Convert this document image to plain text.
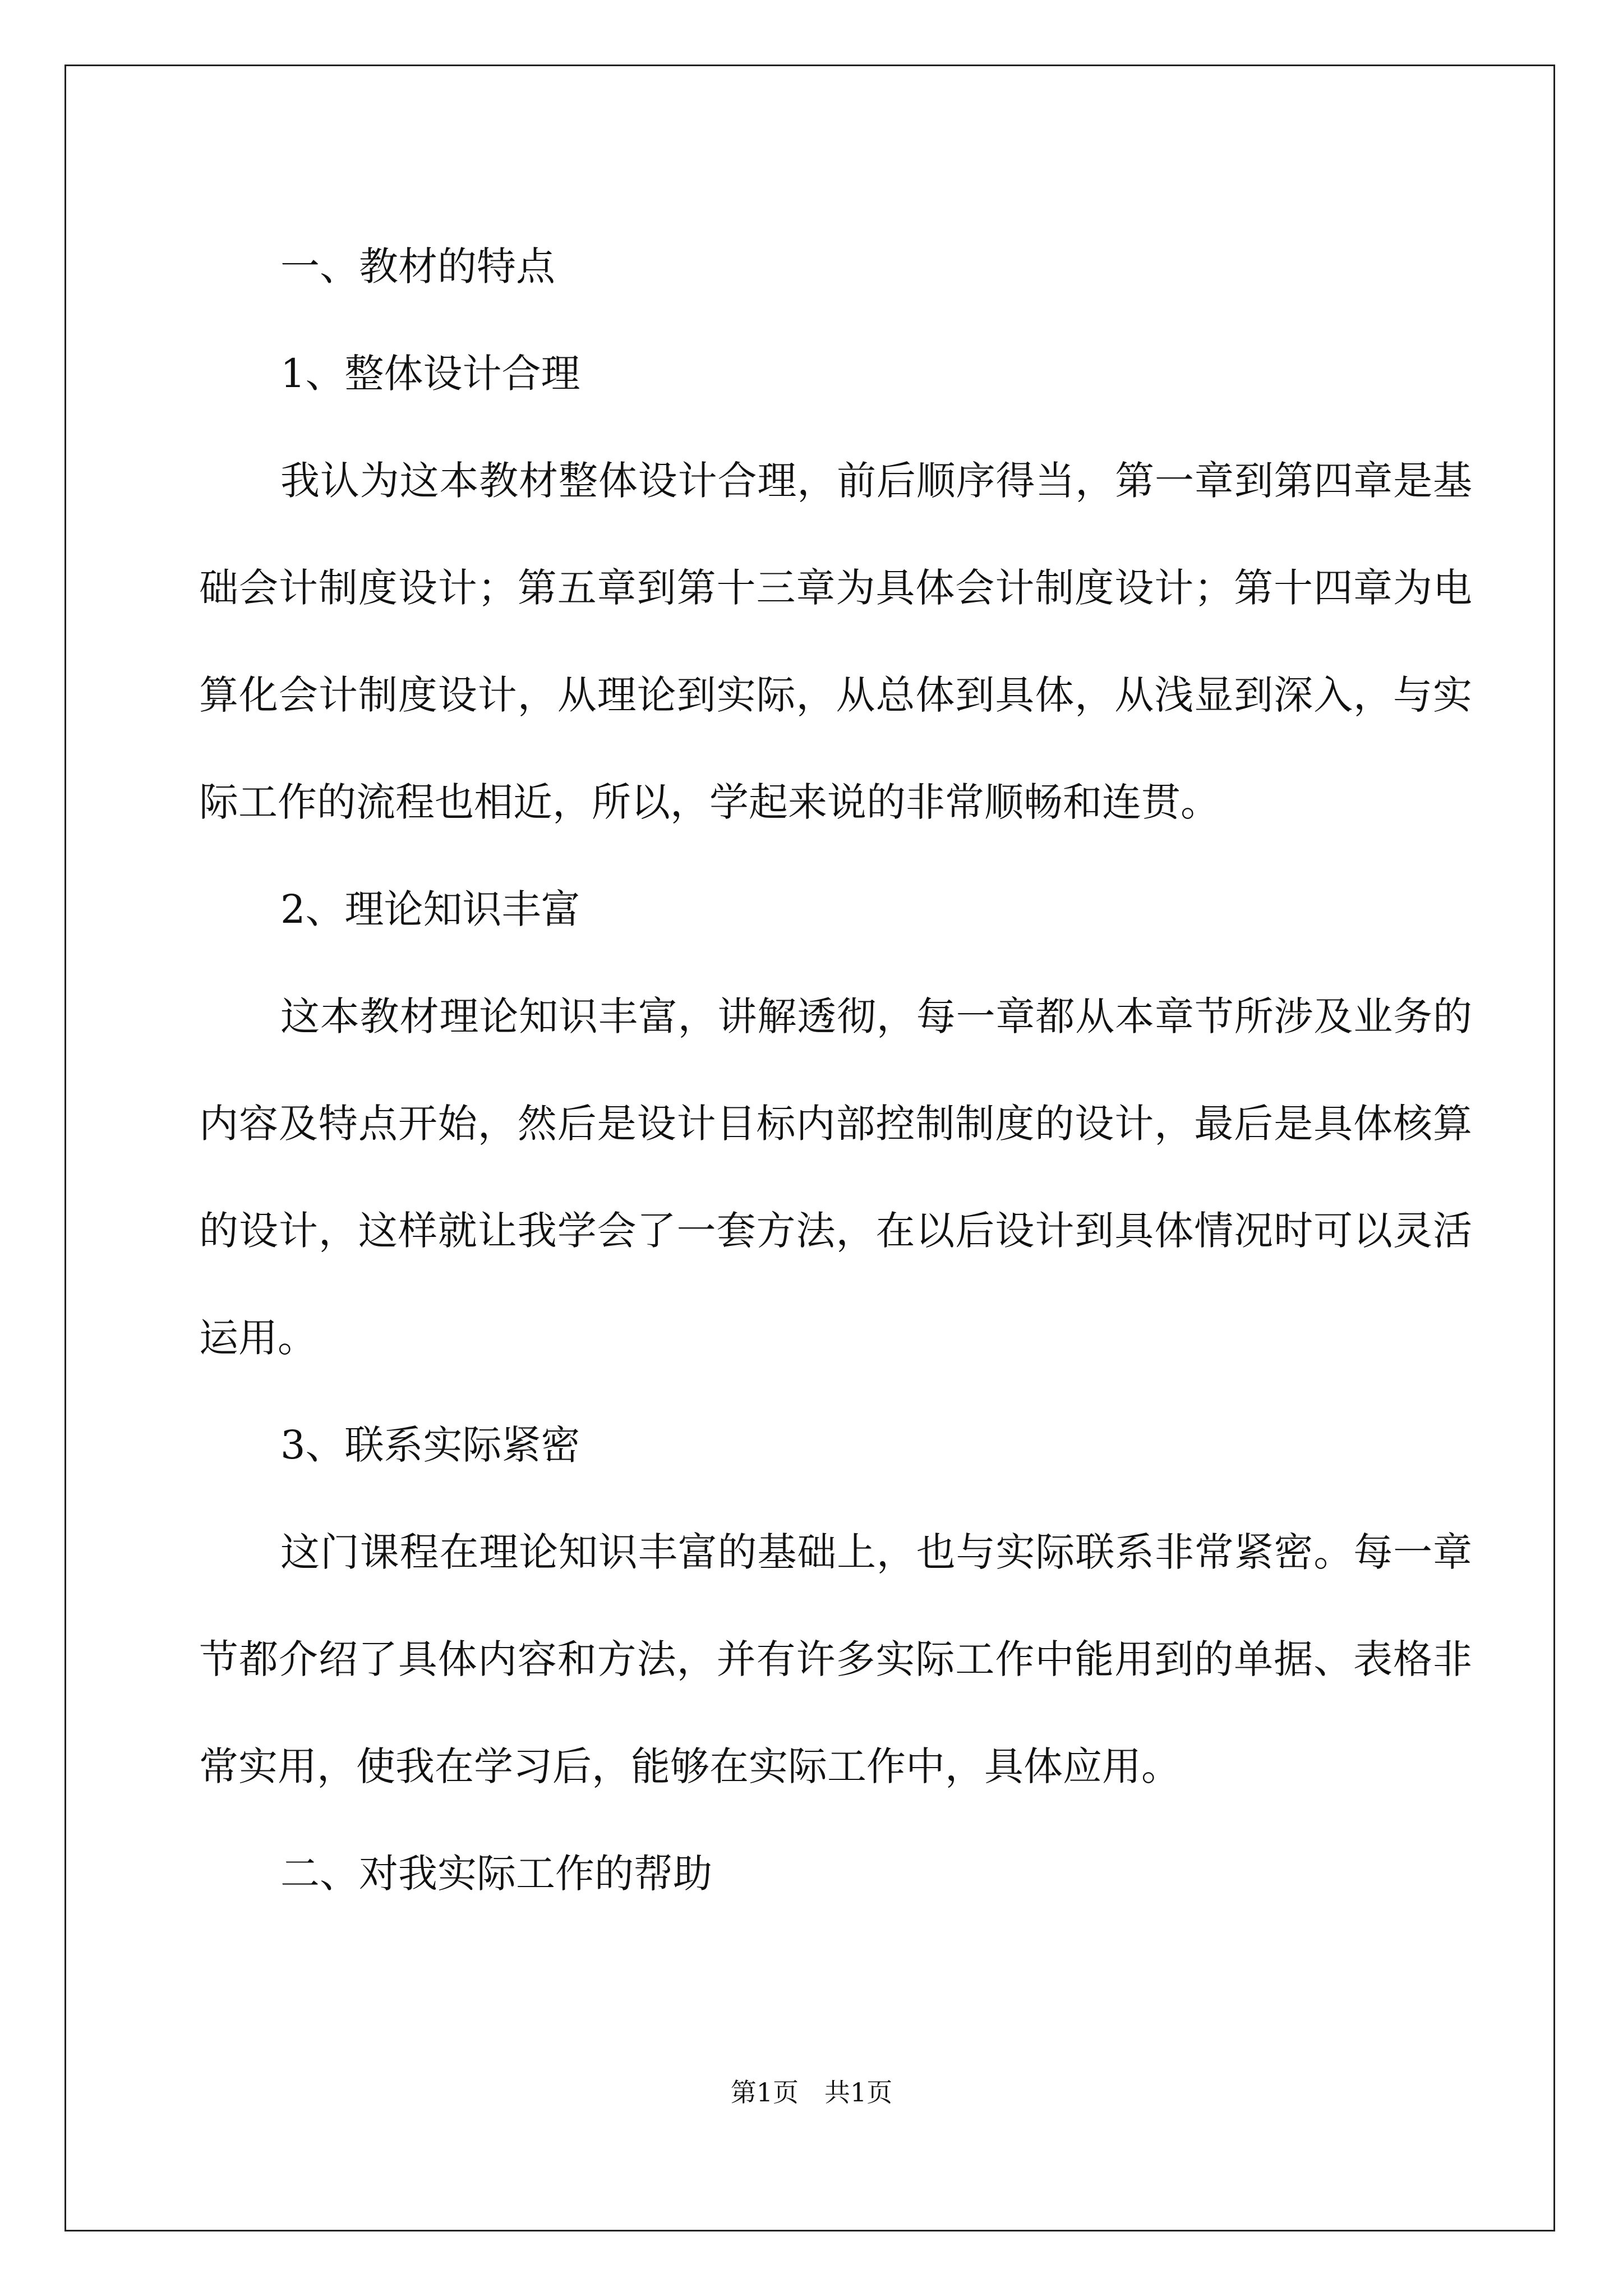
一、教材的特点

1、整体设计合理

我认为这本教材整体设计合理，前后顺序得当，第一章到第四章是基础会计制度设计；第五章到第十三章为具体会计制度设计；第十四章为电算化会计制度设计，从理论到实际，从总体到具体，从浅显到深入，与实际工作的流程也相近，所以，学起来说的非常顺畅和连贯。

2、理论知识丰富

这本教材理论知识丰富，讲解透彻，每一章都从本章节所涉及业务的内容及特点开始，然后是设计目标内部控制制度的设计，最后是具体核算的设计，这样就让我学会了一套方法，在以后设计到具体情况时可以灵活运用。

3、联系实际紧密

这门课程在理论知识丰富的基础上，也与实际联系非常紧密。每一章节都介绍了具体内容和方法，并有许多实际工作中能用到的单据、表格非常实用，使我在学习后，能够在实际工作中，具体应用。

二、对我实际工作的帮助

第1页　共1页
